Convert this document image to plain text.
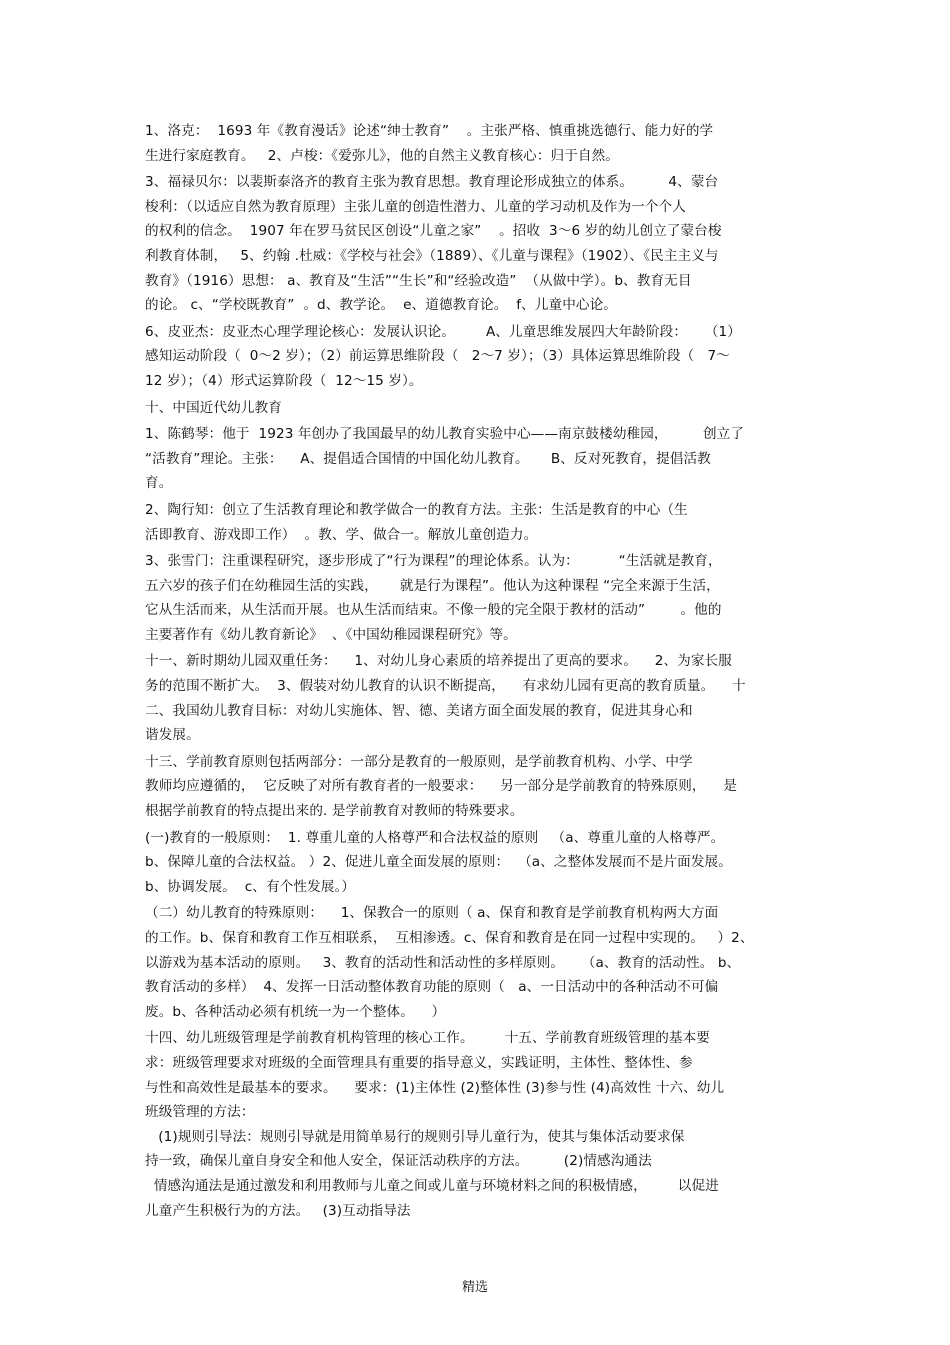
1、洛克：  1693 年《教育漫话》论述“绅士教育”    。主张严格、慎重挑选德行、能力好的学
生进行家庭教育。   2、卢梭：《爱弥儿》，他的自然主义教育核心：归于自然。
3、福禄贝尔：以裴斯泰洛齐的教育主张为教育思想。教育理论形成独立的体系。        4、蒙台
梭利：（以适应自然为教育原理）主张儿童的创造性潜力、儿童的学习动机及作为一个个人
的权利的信念。  1907 年在罗马贫民区创设“儿童之家”    。招收  3～6 岁的幼儿创立了蒙台梭
利教育体制，   5、约翰 .杜威：《学校与社会》（1889）、《儿童与课程》（1902）、《民主主义与
教育》（1916）思想： a、教育及“生活”“生长”和“经验改造”  （从做中学）。b、教育无目
的论。 c、“学校既教育”  。d、教学论。  e、道德教育论。  f、儿童中心论。
6、皮亚杰：皮亚杰心理学理论核心：发展认识论。       A、儿童思维发展四大年龄阶段：    （1）
感知运动阶段（  0～2 岁）；（2）前运算思维阶段（   2～7 岁）；（3）具体运算思维阶段（   7～
12 岁）；（4）形式运算阶段（  12～15 岁）。
十、中国近代幼儿教育
1、陈鹤琴：他于  1923 年创办了我国最早的幼儿教育实验中心——南京鼓楼幼稚园，        创立了
“活教育”理论。主张：    A、提倡适合国情的中国化幼儿教育。     B、反对死教育，提倡活教
育。
2、陶行知：创立了生活教育理论和教学做合一的教育方法。主张：生活是教育的中心（生
活即教育、游戏即工作）  。教、学、做合一。解放儿童创造力。
3、张雪门：注重课程研究，逐步形成了“行为课程”的理论体系。认为：         “生活就是教育，
五六岁的孩子们在幼稚园生活的实践，     就是行为课程”。他认为这种课程 “完全来源于生活，
它从生活而来，从生活而开展。也从生活而结束。不像一般的完全限于教材的活动”        。他的
主要著作有《幼儿教育新论》  、《中国幼稚园课程研究》等。
十一、新时期幼儿园双重任务：    1、对幼儿身心素质的培养提出了更高的要求。    2、为家长服
务的范围不断扩大。  3、假装对幼儿教育的认识不断提高，    有求幼儿园有更高的教育质量。    十
二、我国幼儿教育目标：对幼儿实施体、智、德、美诸方面全面发展的教育，促进其身心和
谐发展。
十三、学前教育原则包括两部分：一部分是教育的一般原则，是学前教育机构、小学、中学
教师均应遵循的，  它反映了对所有教育者的一般要求：    另一部分是学前教育的特殊原则，    是
根据学前教育的特点提出来的. 是学前教育对教师的特殊要求。
(一)教育的一般原则：  1. 尊重儿童的人格尊严和合法权益的原则   （a、尊重儿童的人格尊严。
b、保障儿童的合法权益。 ）2、促进儿童全面发展的原则：  （a、之整体发展而不是片面发展。
b、协调发展。  c、有个性发展。）
（二）幼儿教育的特殊原则：    1、保教合一的原则（ a、保育和教育是学前教育机构两大方面
的工作。b、保育和教育工作互相联系，  互相渗透。c、保育和教育是在同一过程中实现的。   ）2、
以游戏为基本活动的原则。   3、教育的活动性和活动性的多样原则。    （a、教育的活动性。 b、
教育活动的多样）  4、发挥一日活动整体教育功能的原则（   a、一日活动中的各种活动不可偏
废。b、各种活动必须有机统一为一个整体。    ）
十四、幼儿班级管理是学前教育机构管理的核心工作。       十五、学前教育班级管理的基本要
求：班级管理要求对班级的全面管理具有重要的指导意义，实践证明，主体性、整体性、参
与性和高效性是最基本的要求。    要求：(1)主体性 (2)整体性 (3)参与性 (4)高效性 十六、幼儿
班级管理的方法：
(1)规则引导法：规则引导就是用简单易行的规则引导儿童行为，使其与集体活动要求保
持一致，确保儿童自身安全和他人安全，保证活动秩序的方法。        (2)情感沟通法
情感沟通法是通过激发和利用教师与儿童之间或儿童与环境材料之间的积极情感，       以促进
儿童产生积极行为的方法。   (3)互动指导法
精选
